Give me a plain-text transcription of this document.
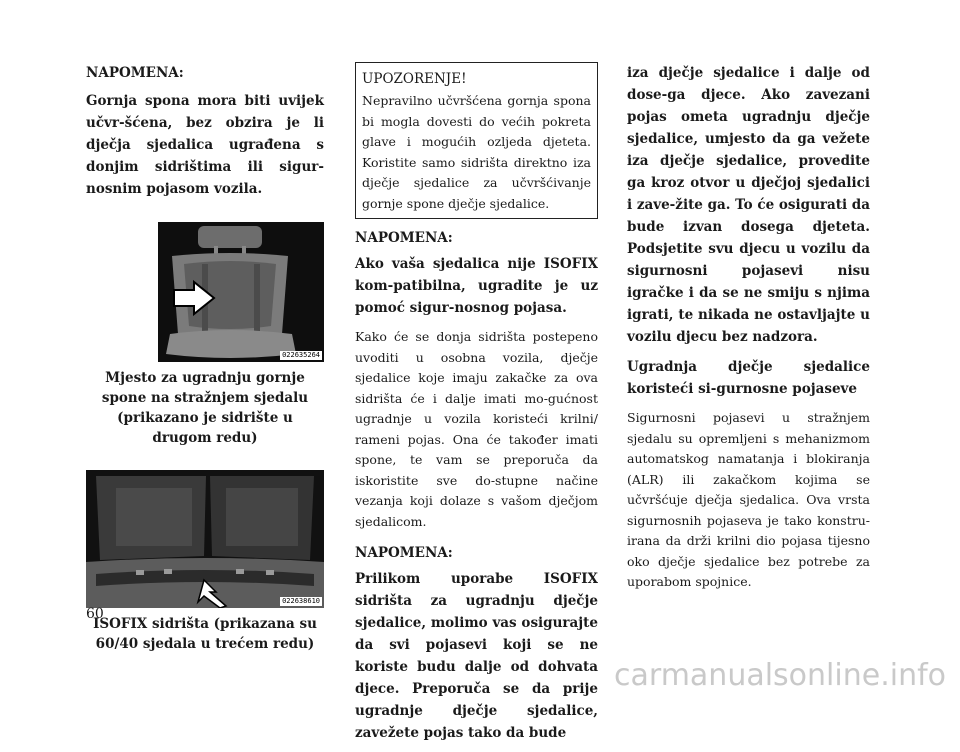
NAPOMENA:

Gornja spona mora biti uvijek učvr-šćena, bez obzira je li dječja sjedalica ugrađena s donjim sidrištima ili sigur-nosnim pojasom vozila.

022635264

Mjesto za ugradnju gornje spone na stražnjem sjedalu (prikazano je sidrište u drugom redu)

022638610

ISOFIX sidrišta (prikazana su 60/40 sjedala u trećem redu)

UPOZORENJE!

Nepravilno učvršćena gornja spona bi mogla dovesti do većih pokreta glave i mogućih ozljeda djeteta. Koristite samo sidrišta direktno iza dječje sjedalice za učvršćivanje gornje spone dječje sjedalice.

NAPOMENA:

Ako vaša sjedalica nije ISOFIX kom-patibilna, ugradite je uz pomoć sigur-nosnog pojasa.

Kako će se donja sidrišta postepeno uvoditi u osobna vozila, dječje sjedalice koje imaju zakačke za ova sidrišta će i dalje imati mo-gućnost ugradnje u vozila koristeći krilni/ rameni pojas. Ona će također imati spone, te vam se preporuča da iskoristite sve do-stupne načine vezanja koji dolaze s vašom dječjom sjedalicom.

NAPOMENA:

Prilikom uporabe ISOFIX sidrišta za ugradnju dječje sjedalice, molimo vas osigurajte da svi pojasevi koji se ne koriste budu dalje od dohvata djece. Preporuča se da prije ugradnje dječje sjedalice, zavežete pojas tako da bude

iza dječje sjedalice i dalje od dose-ga djece. Ako zavezani pojas ometa ugradnju dječje sjedalice, umjesto da ga vežete iza dječje sjedalice, provedite ga kroz otvor u dječjoj sjedalici i zave-žite ga. To će osigurati da bude izvan dosega djeteta. Podsjetite svu djecu u vozilu da sigurnosni pojasevi nisu igračke i da se ne smiju s njima igrati, te nikada ne ostavljajte u vozilu djecu bez nadzora.

Ugradnja dječje sjedalice koristeći si-gurnosne pojaseve

Sigurnosni pojasevi u stražnjem sjedalu su opremljeni s mehanizmom automatskog namatanja i blokiranja (ALR) ili zakačkom kojima se učvršćuje dječja sjedalica. Ova vrsta sigurnosnih pojaseva je tako konstru-irana da drži krilni dio pojasa tijesno oko dječje sjedalice bez potrebe za uporabom spojnice.

60
carmanualsonline.info
